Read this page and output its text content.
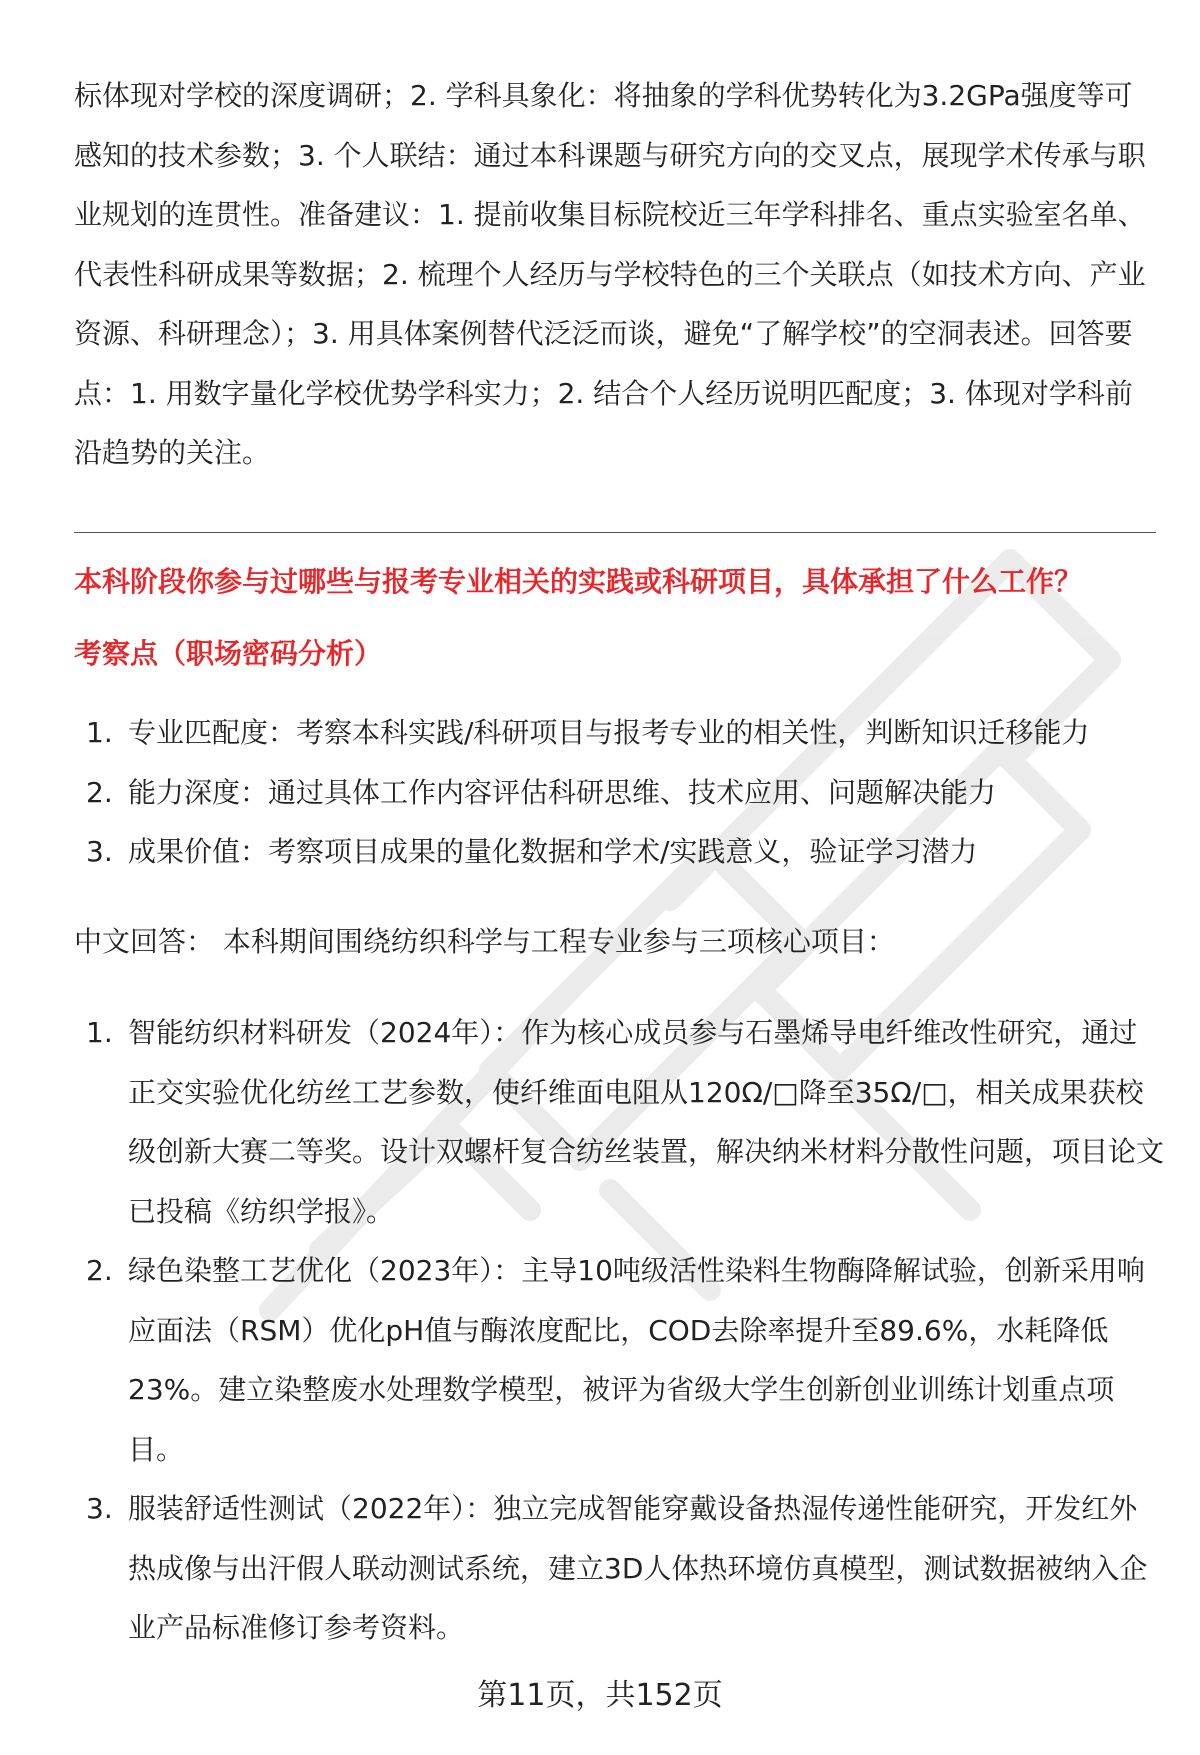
标体现对学校的深度调研；2. 学科具象化：将抽象的学科优势转化为3.2GPa强度等可感知的技术参数；3. 个人联结：通过本科课题与研究方向的交叉点，展现学术传承与职业规划的连贯性。准备建议：1. 提前收集目标院校近三年学科排名、重点实验室名单、代表性科研成果等数据；2. 梳理个人经历与学校特色的三个关联点（如技术方向、产业资源、科研理念）；3. 用具体案例替代泛泛而谈，避免“了解学校”的空洞表述。回答要点：1. 用数字量化学校优势学科实力；2. 结合个人经历说明匹配度；3. 体现对学科前沿趋势的关注。
本科阶段你参与过哪些与报考专业相关的实践或科研项目，具体承担了什么工作？
考察点（职场密码分析）
1. 专业匹配度：考察本科实践/科研项目与报考专业的相关性，判断知识迁移能力
2. 能力深度：通过具体工作内容评估科研思维、技术应用、问题解决能力
3. 成果价值：考察项目成果的量化数据和学术/实践意义，验证学习潜力
中文回答： 本科期间围绕纺织科学与工程专业参与三项核心项目：
1. 智能纺织材料研发（2024年）：作为核心成员参与石墨烯导电纤维改性研究，通过正交实验优化纺丝工艺参数，使纤维面电阻从120Ω/□降至35Ω/□，相关成果获校级创新大赛二等奖。设计双螺杆复合纺丝装置，解决纳米材料分散性问题，项目论文已投稿《纺织学报》。
2. 绿色染整工艺优化（2023年）：主导10吨级活性染料生物酶降解试验，创新采用响应面法（RSM）优化pH值与酶浓度配比，COD去除率提升至89.6%，水耗降低23%。建立染整废水处理数学模型，被评为省级大学生创新创业训练计划重点项目。
3. 服装舒适性测试（2022年）：独立完成智能穿戴设备热湿传递性能研究，开发红外热成像与出汗假人联动测试系统，建立3D人体热环境仿真模型，测试数据被纳入企业产品标准修订参考资料。
第11页，共152页
